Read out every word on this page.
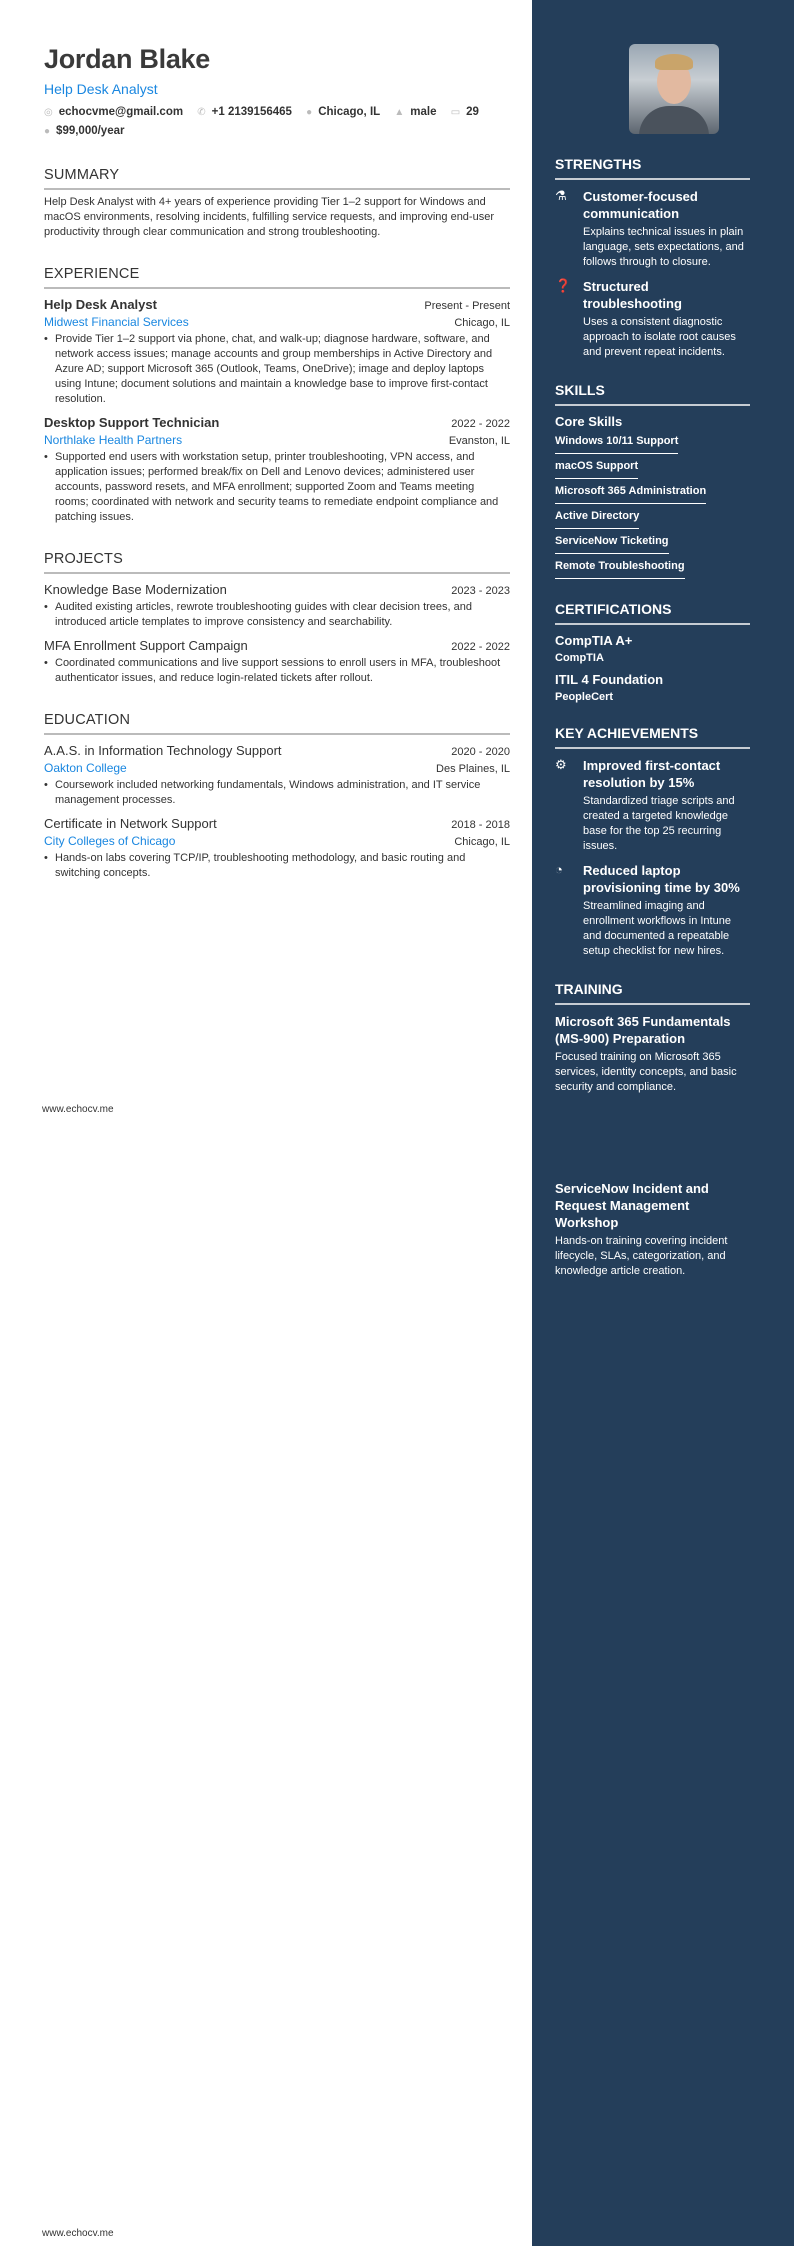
Jordan Blake
Help Desk Analyst
◎ echocvme@gmail.com ✆ +1 2139156465 ● Chicago, IL ▲ male ▭ 29
● $99,000/year
SUMMARY
Help Desk Analyst with 4+ years of experience providing Tier 1–2 support for Windows and macOS environments, resolving incidents, fulfilling service requests, and improving end-user productivity through clear communication and strong troubleshooting.
EXPERIENCE
Help Desk Analyst	Present - Present
Midwest Financial Services	Chicago, IL
• Provide Tier 1–2 support via phone, chat, and walk-up; diagnose hardware, software, and network access issues; manage accounts and group memberships in Active Directory and Azure AD; support Microsoft 365 (Outlook, Teams, OneDrive); image and deploy laptops using Intune; document solutions and maintain a knowledge base to improve first-contact resolution.
Desktop Support Technician	2022 - 2022
Northlake Health Partners	Evanston, IL
• Supported end users with workstation setup, printer troubleshooting, VPN access, and application issues; performed break/fix on Dell and Lenovo devices; administered user accounts, password resets, and MFA enrollment; supported Zoom and Teams meeting rooms; coordinated with network and security teams to remediate endpoint compliance and patching issues.
PROJECTS
Knowledge Base Modernization	2023 - 2023
• Audited existing articles, rewrote troubleshooting guides with clear decision trees, and introduced article templates to improve consistency and searchability.
MFA Enrollment Support Campaign	2022 - 2022
• Coordinated communications and live support sessions to enroll users in MFA, troubleshoot authenticator issues, and reduce login-related tickets after rollout.
EDUCATION
A.A.S. in Information Technology Support	2020 - 2020
Oakton College	Des Plaines, IL
• Coursework included networking fundamentals, Windows administration, and IT service management processes.
Certificate in Network Support	2018 - 2018
City Colleges of Chicago	Chicago, IL
• Hands-on labs covering TCP/IP, troubleshooting methodology, and basic routing and switching concepts.
www.echocv.me
www.echocv.me
STRENGTHS
⚗	Customer-focused communication
Explains technical issues in plain language, sets expectations, and follows through to closure.
❓ Structured troubleshooting
Uses a consistent diagnostic approach to isolate root causes and prevent repeat incidents.
SKILLS
Core Skills
Windows 10/11 Support
macOS Support
Microsoft 365 Administration
Active Directory
ServiceNow Ticketing
Remote Troubleshooting
CERTIFICATIONS
CompTIA A+
CompTIA
ITIL 4 Foundation
PeopleCert
KEY ACHIEVEMENTS
⚙	Improved first-contact resolution by 15%
Standardized triage scripts and created a targeted knowledge base for the top 25 recurring issues.
◔	Reduced laptop provisioning time by 30%
Streamlined imaging and enrollment workflows in Intune and documented a repeatable setup checklist for new hires.
TRAINING
Microsoft 365 Fundamentals (MS-900) Preparation
Focused training on Microsoft 365 services, identity concepts, and basic security and compliance.
ServiceNow Incident and Request Management Workshop
Hands-on training covering incident lifecycle, SLAs, categorization, and knowledge article creation.
